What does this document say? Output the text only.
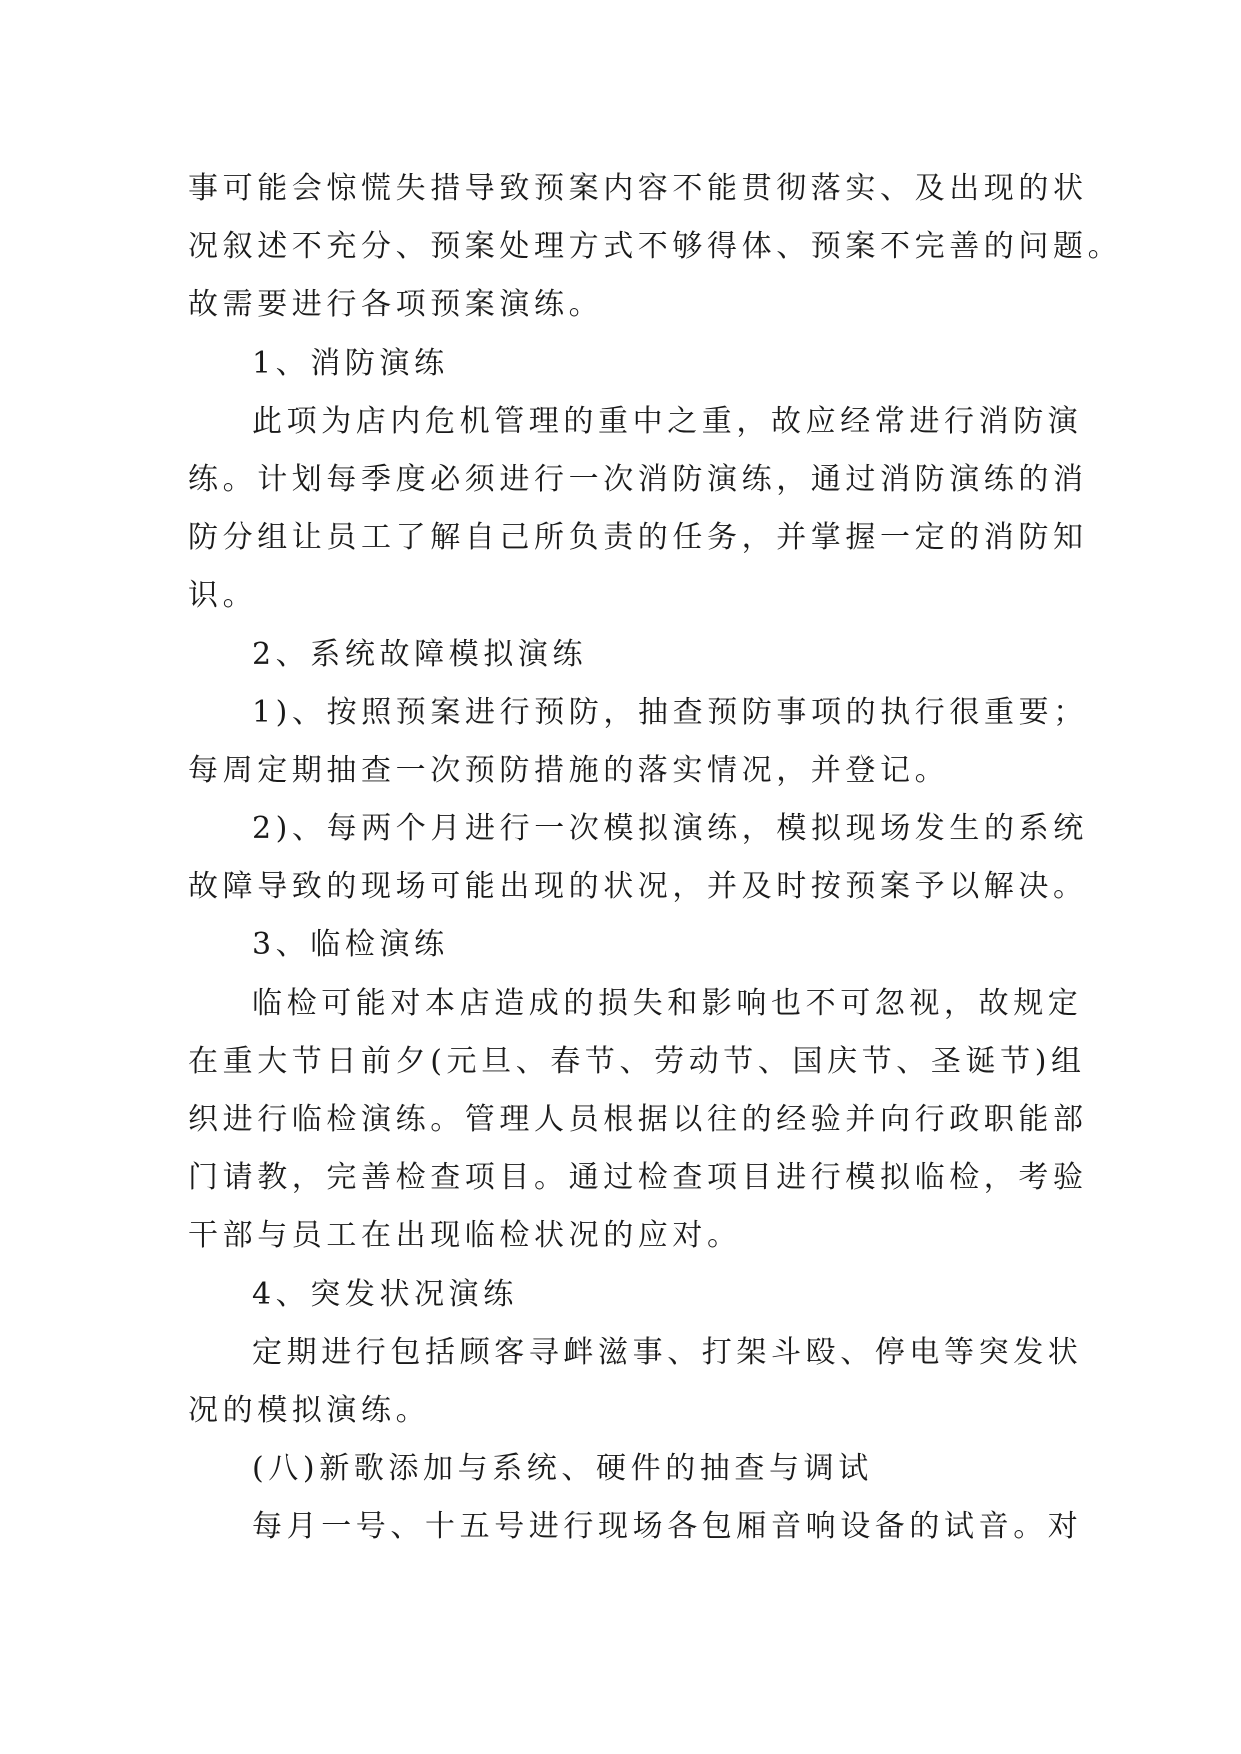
事可能会惊慌失措导致预案内容不能贯彻落实、及出现的状
况叙述不充分、预案处理方式不够得体、预案不完善的问题。
故需要进行各项预案演练。
1、消防演练
此项为店内危机管理的重中之重，故应经常进行消防演
练。计划每季度必须进行一次消防演练，通过消防演练的消
防分组让员工了解自己所负责的任务，并掌握一定的消防知
识。
2、系统故障模拟演练
1)、按照预案进行预防，抽查预防事项的执行很重要；
每周定期抽查一次预防措施的落实情况，并登记。
2)、每两个月进行一次模拟演练，模拟现场发生的系统
故障导致的现场可能出现的状况，并及时按预案予以解决。
3、临检演练
临检可能对本店造成的损失和影响也不可忽视，故规定
在重大节日前夕(元旦、春节、劳动节、国庆节、圣诞节)组
织进行临检演练。管理人员根据以往的经验并向行政职能部
门请教，完善检查项目。通过检查项目进行模拟临检，考验
干部与员工在出现临检状况的应对。
4、突发状况演练
定期进行包括顾客寻衅滋事、打架斗殴、停电等突发状
况的模拟演练。
(八)新歌添加与系统、硬件的抽查与调试
每月一号、十五号进行现场各包厢音响设备的试音。对
